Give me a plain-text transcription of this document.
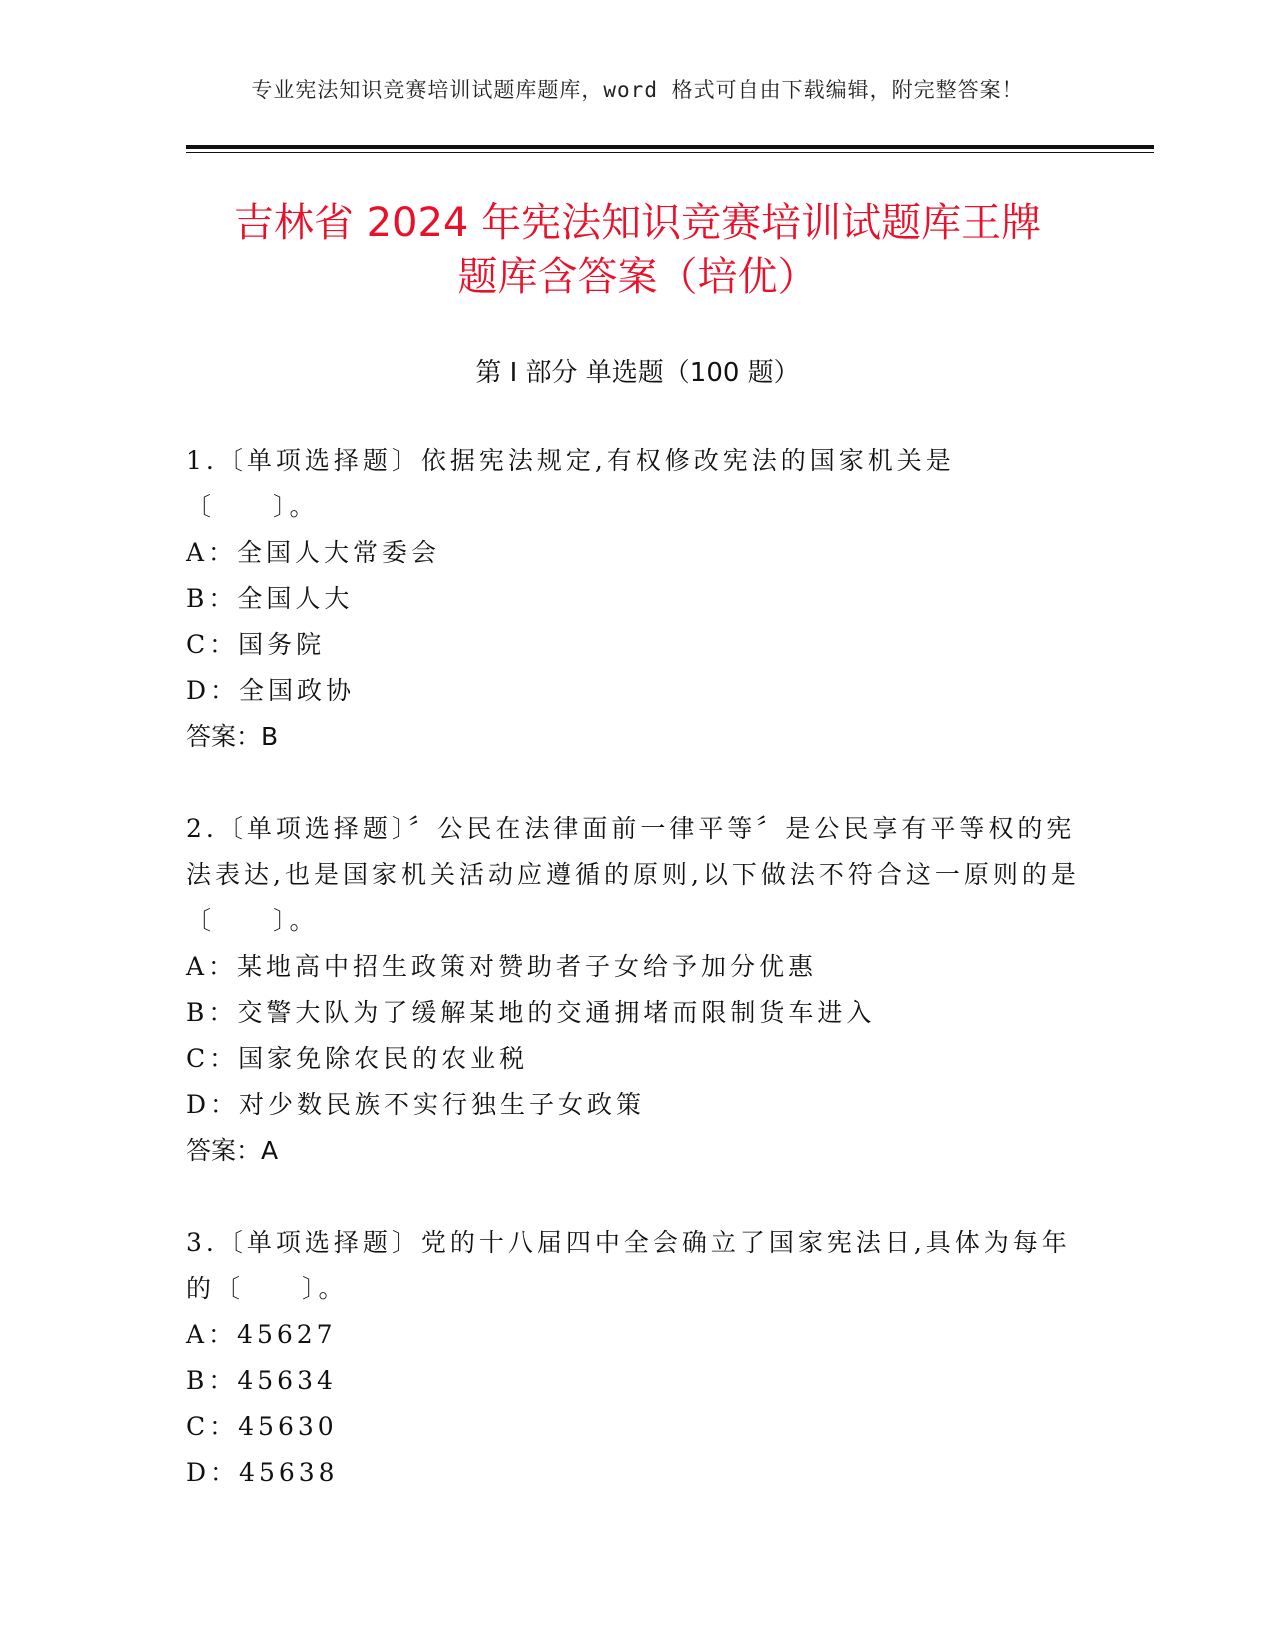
专业宪法知识竞赛培训试题库题库，word 格式可自由下载编辑，附完整答案！
吉林省 2024 年宪法知识竞赛培训试题库王牌
题库含答案（培优）
第 I 部分 单选题（100 题）
1.〔单项选择题〕依据宪法规定,有权修改宪法的国家机关是〔　　〕。
A：全国人大常委会
B：全国人大
C：国务院
D：全国政协
答案：B
2.〔单项选择题〕〞公民在法律面前一律平等〞是公民享有平等权的宪法表达,也是国家机关活动应遵循的原则,以下做法不符合这一原则的是〔　　〕。
A：某地高中招生政策对赞助者子女给予加分优惠
B：交警大队为了缓解某地的交通拥堵而限制货车进入
C：国家免除农民的农业税
D：对少数民族不实行独生子女政策
答案：A
3.〔单项选择题〕党的十八届四中全会确立了国家宪法日,具体为每年的〔　　〕。
A：45627
B：45634
C：45630
D：45638
